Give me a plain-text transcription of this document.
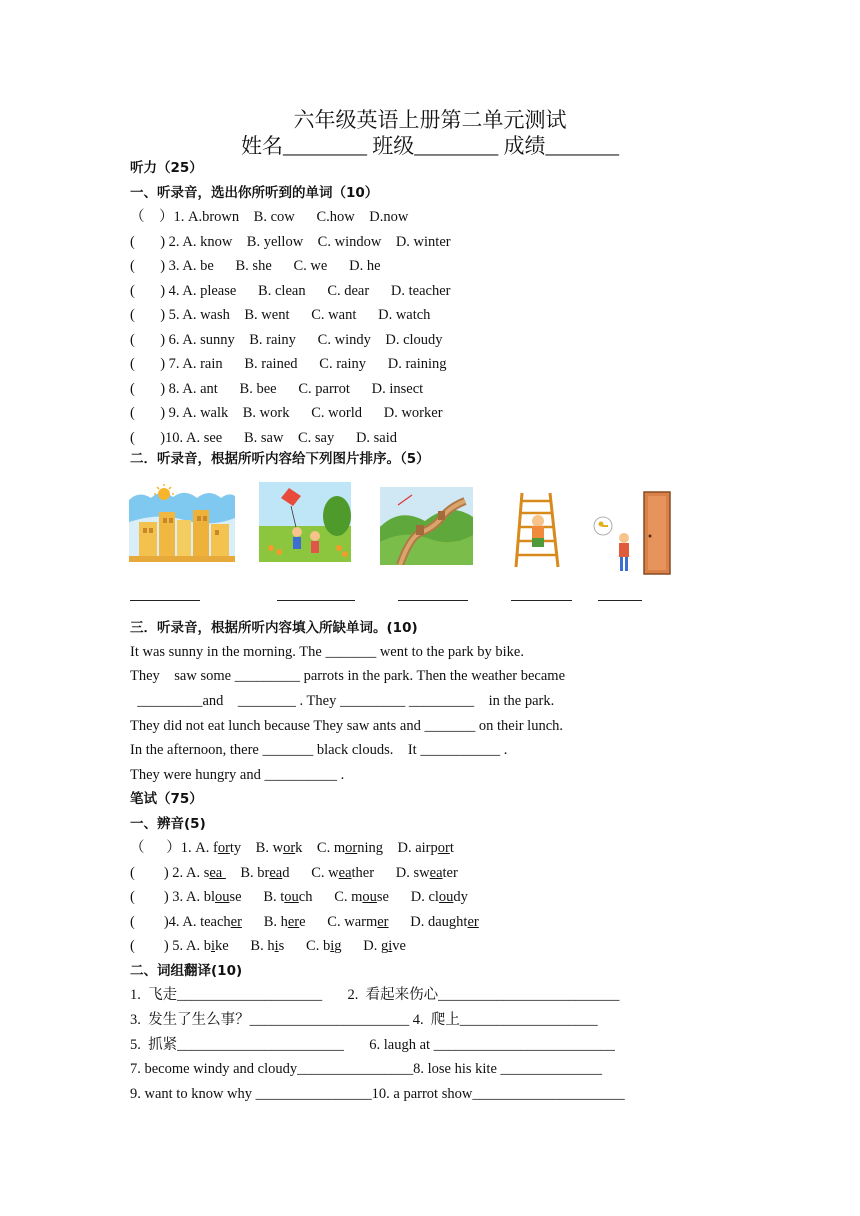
六年级英语上册第二单元测试
姓名________ 班级________ 成绩_______
听力（25）
一、听录音，选出你所听到的单词（10）
（    ）1. A.brown    B. cow      C.how    D.now
(       ) 2. A. know    B. yellow    C. window    D. winter
(       ) 3. A. be      B. she      C. we      D. he
(       ) 4. A. please      B. clean      C. dear      D. teacher
(       ) 5. A. wash    B. went      C. want      D. watch
(       ) 6. A. sunny    B. rainy      C. windy    D. cloudy
(       ) 7. A. rain      B. rained      C. rainy      D. raining
(       ) 8. A. ant      B. bee      C. parrot      D. insect
(       ) 9. A. walk    B. work      C. world      D. worker
(       )10. A. see      B. saw    C. say      D. said
二．听录音，根据所听内容给下列图片排序。（5）
三．听录音，根据所听内容填入所缺单词。(10)
It was sunny in the morning. The _______ went to the park by bike.
They    saw some _________ parrots in the park. Then the weather became
_________and    ________ . They _________ _________    in the park.
They did not eat lunch because They saw ants and _______ on their lunch.
In the afternoon, there _______ black clouds.    It ___________ .
They were hungry and __________ .
笔试（75）
一、辨音(5)
（      ）1. A. forty    B. work    C. morning    D. airport
(        ) 2. A. sea     B. bread      C. weather      D. sweater
(        ) 3. A. blouse      B. touch      C. mouse      D. cloudy
(        )4. A. teacher      B. here      C. warmer      D. daughter
(        ) 5. A. bike      B. his      C. big      D. give
二、词组翻译(10)
1.  飞走____________________       2.  看起来伤心_________________________
3.  发生了生么事？______________________ 4.  爬上___________________
5.  抓紧_______________________       6. laugh at _________________________
7. become windy and cloudy________________8. lose his kite ______________
9. want to know why ________________10. a parrot show_____________________
